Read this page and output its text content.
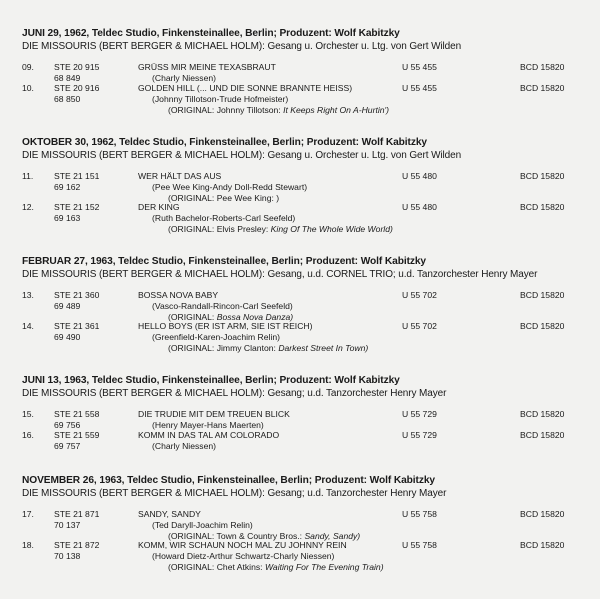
JUNI 29, 1962, Teldec Studio, Finkensteinallee, Berlin; Produzent: Wolf Kabitzky
DIE MISSOURIS (BERT BERGER & MICHAEL HOLM): Gesang u. Orchester u. Ltg. von Gert Wilden
09. STE 20 915
68 849
GRÜSS MIR MEINE TEXASBRAUT	U 55 455	BCD 15820
(Charly Niessen)
10. STE 20 916
68 850
GOLDEN HILL (... UND DIE SONNE BRANNTE HEISS)	U 55 455	BCD 15820
(Johnny Tillotson-Trude Hofmeister)
(ORIGINAL: Johnny Tillotson: It Keeps Right On A-Hurtin')
OKTOBER 30, 1962, Teldec Studio, Finkensteinallee, Berlin; Produzent: Wolf Kabitzky
DIE MISSOURIS (BERT BERGER & MICHAEL HOLM): Gesang u. Orchester u. Ltg. von Gert Wilden
11. STE 21 151
69 162
WER HÄLT DAS AUS	U 55 480	BCD 15820
(Pee Wee King-Andy Doll-Redd Stewart)
(ORIGINAL: Pee Wee King: )
12. STE 21 152
69 163
DER KING	U 55 480	BCD 15820
(Ruth Bachelor-Roberts-Carl Seefeld)
(ORIGINAL: Elvis Presley: King Of The Whole Wide World)
FEBRUAR 27, 1963, Teldec Studio, Finkensteinallee, Berlin; Produzent: Wolf Kabitzky
DIE MISSOURIS (BERT BERGER & MICHAEL HOLM): Gesang, u.d. CORNEL TRIO; u.d. Tanzorchester Henry Mayer
13. STE 21 360
69 489
BOSSA NOVA BABY	U 55 702	BCD 15820
(Vasco-Randall-Rincon-Carl Seefeld)
(ORIGINAL: Bossa Nova Danza)
14. STE 21 361
69 490
HELLO BOYS (ER IST ARM, SIE IST REICH)	U 55 702	BCD 15820
(Greenfield-Karen-Joachim Relin)
(ORIGINAL: Jimmy Clanton: Darkest Street In Town)
JUNI 13, 1963, Teldec Studio, Finkensteinallee, Berlin; Produzent: Wolf Kabitzky
DIE MISSOURIS (BERT BERGER & MICHAEL HOLM): Gesang; u.d. Tanzorchester Henry Mayer
15. STE 21 558
69 756
DIE TRUDIE MIT DEM TREUEN BLICK	U 55 729	BCD 15820
(Henry Mayer-Hans Maerten)
16. STE 21 559
69 757
KOMM IN DAS TAL AM COLORADO	U 55 729	BCD 15820
(Charly Niessen)
NOVEMBER 26, 1963, Teldec Studio, Finkensteinallee, Berlin; Produzent: Wolf Kabitzky
DIE MISSOURIS (BERT BERGER & MICHAEL HOLM): Gesang; u.d. Tanzorchester Henry Mayer
17. STE 21 871
70 137
SANDY, SANDY	U 55 758	BCD 15820
(Ted Daryll-Joachim Relin)
(ORIGINAL: Town & Country Bros.: Sandy, Sandy)
18. STE 21 872
70 138
KOMM, WIR SCHAUN NOCH MAL ZU JOHNNY REIN	U 55 758	BCD 15820
(Howard Dietz-Arthur Schwartz-Charly Niessen)
(ORIGINAL: Chet Atkins: Waiting For The Evening Train)
